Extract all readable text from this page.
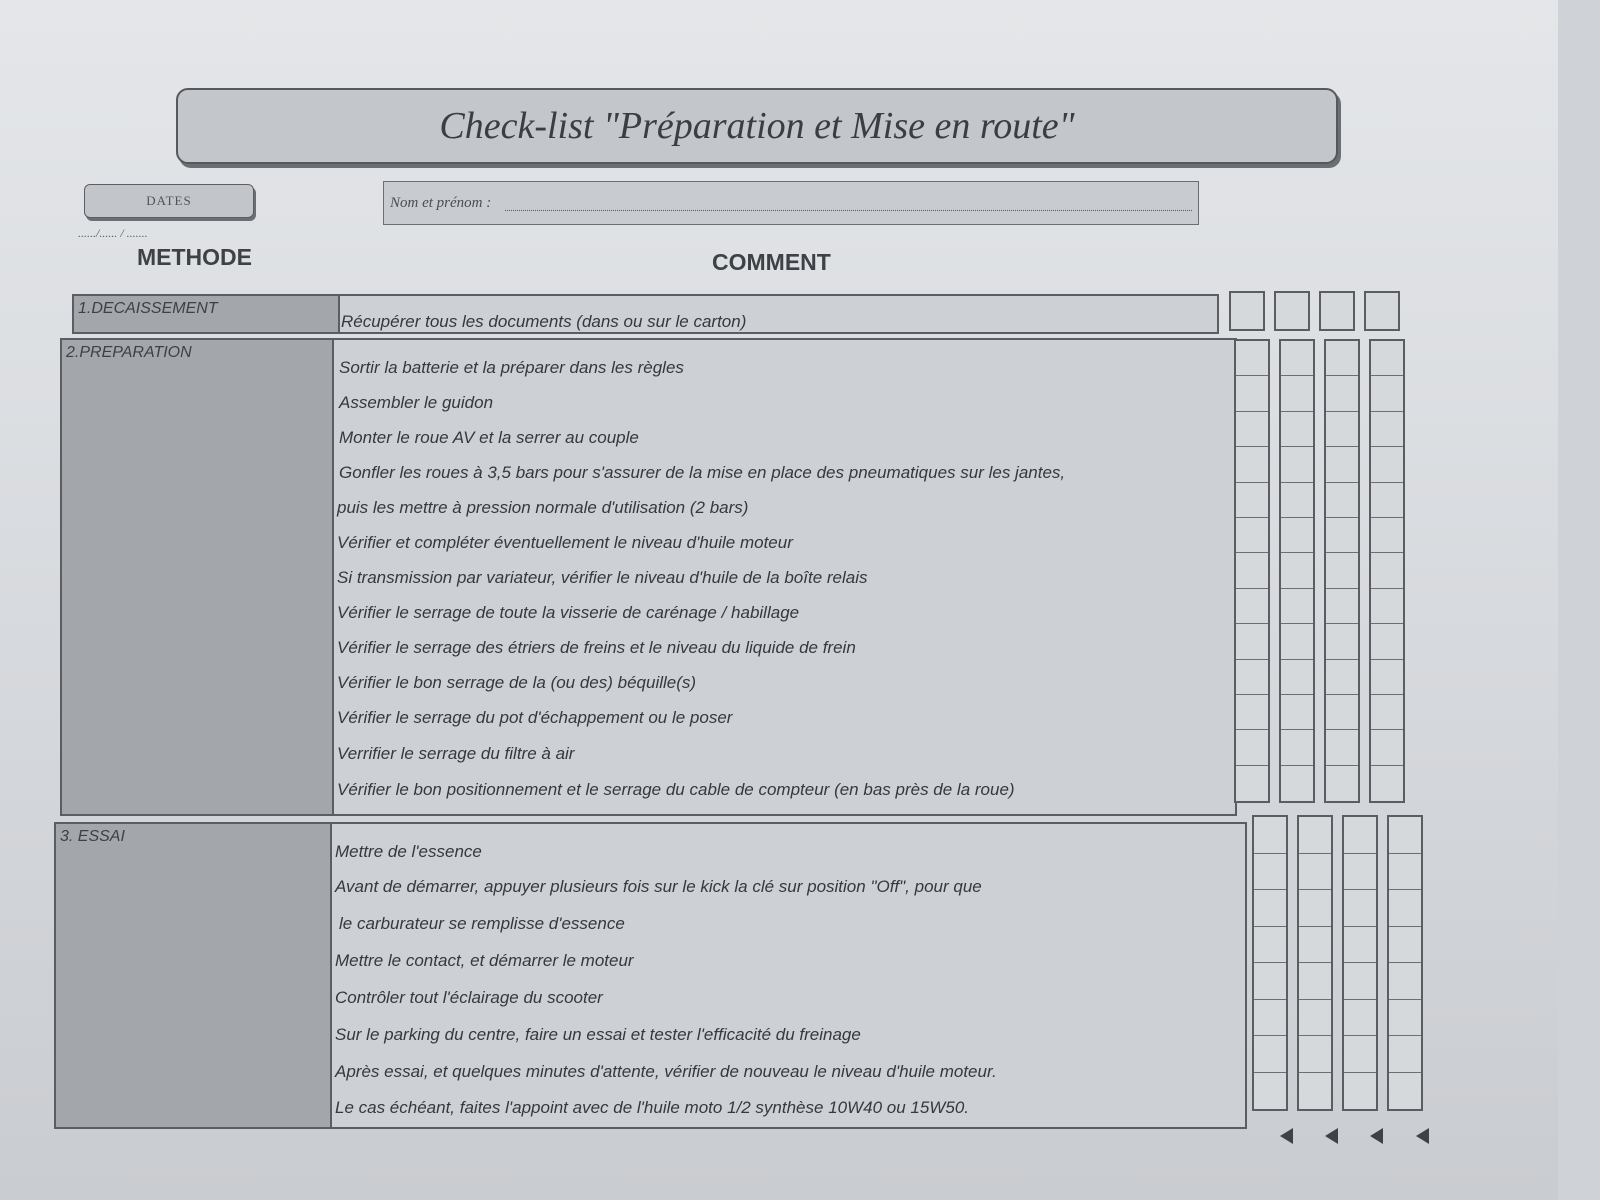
Check-list "Préparation et Mise en route"
DATES
....../...... / .......
Nom et prénom :
METHODE	COMMENT
1.DECAISSEMENT
Récupérer tous les documents (dans ou sur le carton)
2.PREPARATION
Sortir la batterie et la préparer dans les règles
Assembler le guidon
Monter le roue AV et la serrer au couple
Gonfler les roues à 3,5 bars pour s'assurer de la mise en place des pneumatiques sur les jantes,
puis les mettre à pression normale d'utilisation (2 bars)
Vérifier et compléter éventuellement le niveau d'huile moteur
Si transmission par variateur, vérifier le niveau d'huile de la boîte relais
Vérifier le serrage de toute la visserie de carénage / habillage
Vérifier le serrage des étriers de freins et le niveau du liquide de frein
Vérifier le bon serrage de la (ou des) béquille(s)
Vérifier le serrage du pot d'échappement ou le poser
Verrifier le serrage du filtre à air
Vérifier le bon positionnement et le serrage du cable de compteur (en bas près de la roue)
3. ESSAI
Mettre de l'essence
Avant de démarrer, appuyer plusieurs fois sur le kick la clé sur position "Off", pour que
le carburateur se remplisse d'essence
Mettre le contact, et démarrer le moteur
Contrôler tout l'éclairage du scooter
Sur le parking du centre, faire un essai et tester l'efficacité du freinage
Après essai, et quelques minutes d'attente, vérifier de nouveau le niveau d'huile moteur.
Le cas échéant, faites l'appoint avec de l'huile moto 1/2 synthèse 10W40 ou 15W50.
